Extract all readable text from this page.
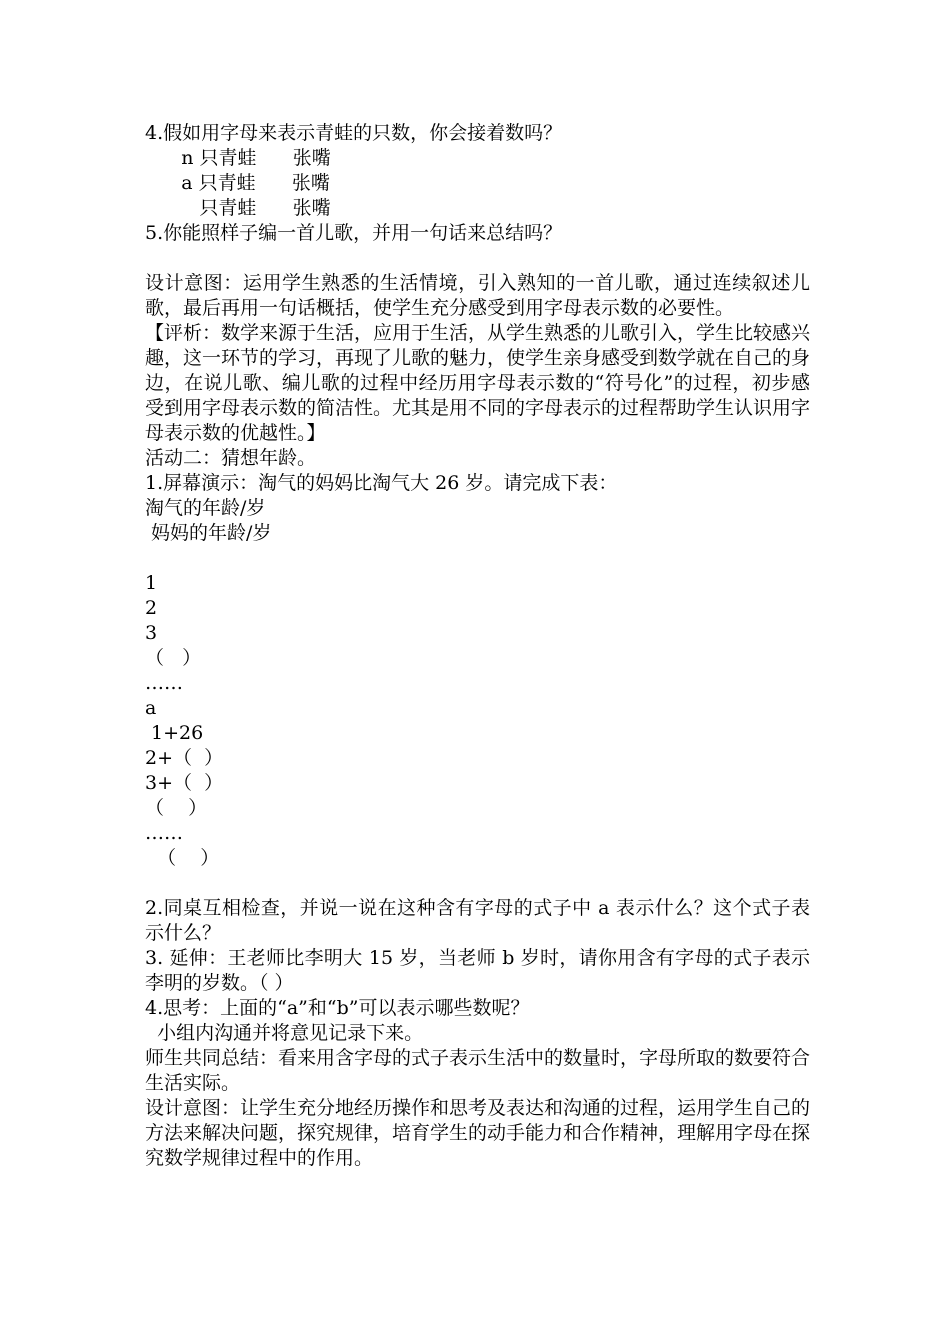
4.假如用字母来表示青蛙的只数，你会接着数吗？
n 只青蛙      张嘴
a 只青蛙      张嘴
只青蛙      张嘴
5.你能照样子编一首儿歌，并用一句话来总结吗？
设计意图：运用学生熟悉的生活情境，引入熟知的一首儿歌，通过连续叙述儿歌，最后再用一句话概括，使学生充分感受到用字母表示数的必要性。
【评析：数学来源于生活，应用于生活，从学生熟悉的儿歌引入，学生比较感兴趣，这一环节的学习，再现了儿歌的魅力，使学生亲身感受到数学就在自己的身边，在说儿歌、编儿歌的过程中经历用字母表示数的“符号化”的过程，初步感受到用字母表示数的简洁性。尤其是用不同的字母表示的过程帮助学生认识用字母表示数的优越性。】
活动二：猜想年龄。
1.屏幕演示：淘气的妈妈比淘气大 26 岁。请完成下表：
淘气的年龄/岁
妈妈的年龄/岁
1
2
3
（   ）
……
a
1+26
2+（  ）
3+（  ）
（    ）
……
（    ）
2.同桌互相检查，并说一说在这种含有字母的式子中 a 表示什么？这个式子表示什么？
3. 延伸：王老师比李明大 15 岁，当老师 b 岁时，请你用含有字母的式子表示李明的岁数。（ ）
4.思考：上面的“a”和“b”可以表示哪些数呢？
小组内沟通并将意见记录下来。
师生共同总结：看来用含字母的式子表示生活中的数量时，字母所取的数要符合生活实际。
设计意图：让学生充分地经历操作和思考及表达和沟通的过程，运用学生自己的方法来解决问题，探究规律，培育学生的动手能力和合作精神，理解用字母在探究数学规律过程中的作用。
